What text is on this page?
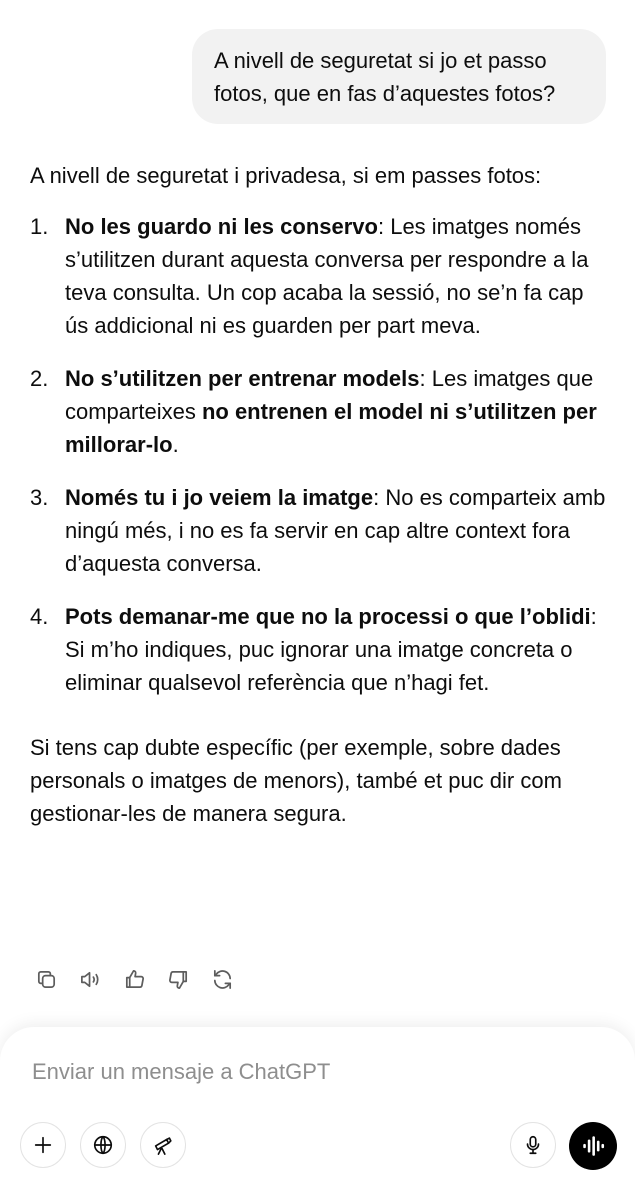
A nivell de seguretat si jo et passo fotos, que en fas d’aquestes fotos?

A nivell de seguretat i privadesa, si em passes fotos:

1. No les guardo ni les conservo: Les imatges només s’utilitzen durant aquesta conversa per respondre a la teva consulta. Un cop acaba la sessió, no se’n fa cap ús addicional ni es guarden per part meva.
2. No s’utilitzen per entrenar models: Les imatges que comparteixes no entrenen el model ni s’utilitzen per millorar-lo.
3. Només tu i jo veiem la imatge: No es comparteix amb ningú més, i no es fa servir en cap altre context fora d’aquesta conversa.
4. Pots demanar-me que no la processi o que l’oblidi: Si m’ho indiques, puc ignorar una imatge concreta o eliminar qualsevol referència que n’hagi fet.

Si tens cap dubte específic (per exemple, sobre dades personals o imatges de menors), també et puc dir com gestionar-les de manera segura.

Enviar un mensaje a ChatGPT
